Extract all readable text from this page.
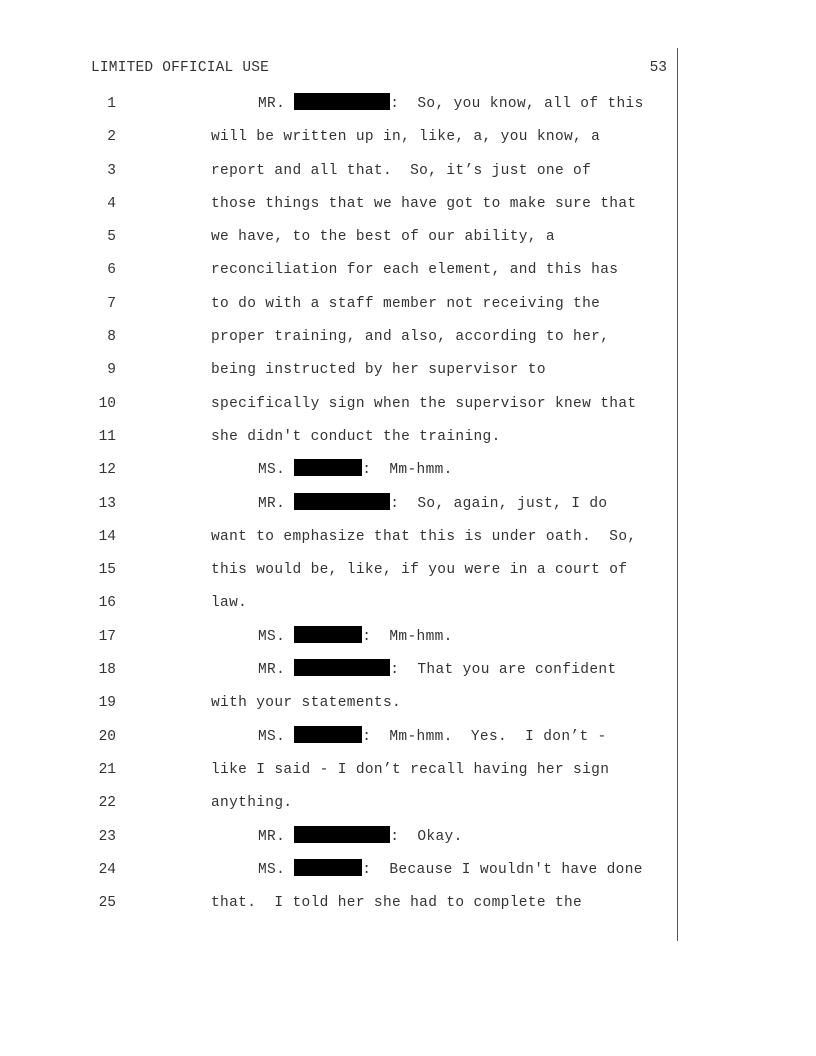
LIMITED OFFICIAL USE	53
1	MR.	:  So, you know, all of this
2	will be written up in, like, a, you know, a
3	report and all that.  So, it’s just one of
4	those things that we have got to make sure that
5	we have, to the best of our ability, a
6	reconciliation for each element, and this has
7	to do with a staff member not receiving the
8	proper training, and also, according to her,
9	being instructed by her supervisor to
10	specifically sign when the supervisor knew that
11	she didn't conduct the training.
12	MS.	:  Mm-hmm.
13	MR.	:  So, again, just, I do
14	want to emphasize that this is under oath.  So,
15	this would be, like, if you were in a court of
16	law.
17	MS.	:  Mm-hmm.
18	MR.	:  That you are confident
19	with your statements.
20	MS.	:  Mm-hmm.  Yes.  I don’t -
21	like I said - I don’t recall having her sign
22	anything.
23	MR.	:  Okay.
24	MS.	:  Because I wouldn't have done
25	that.  I told her she had to complete the
